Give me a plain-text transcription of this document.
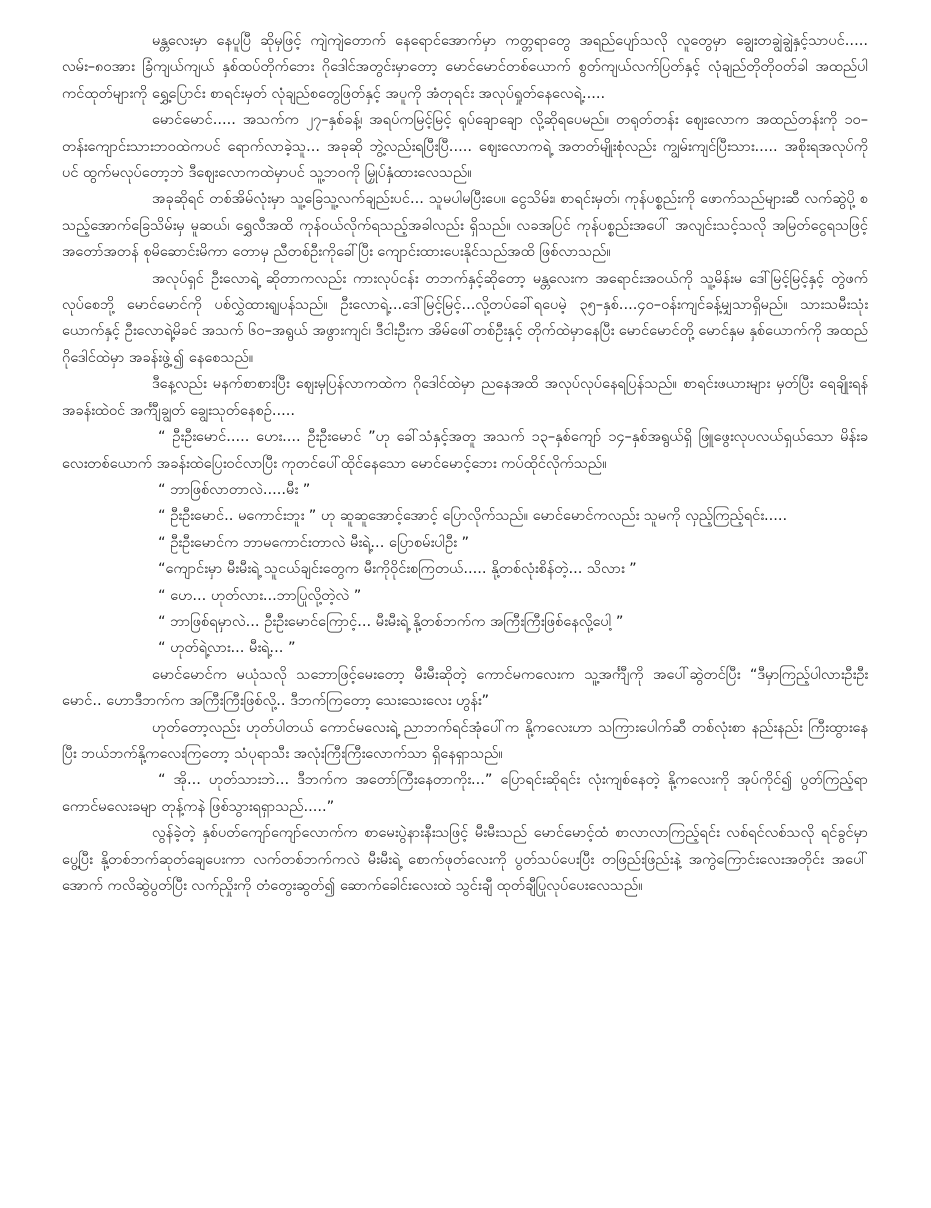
မန္တလေးမှာ နေပူပြီ ဆိုမှဖြင့် ကျဲကျဲတောက် နေရောင်အောက်မှာ ကတ္တရာတွေ အရည်ပျော်သလို လူတွေမှာ ချွေးတချွဲချွဲနှင့်သာပင်..... လမ်း–၈၀အား ခြံကျယ်ကျယ် နှစ်ထပ်တိုက်ဘေး ဂိုဒေါင်အတွင်းမှာတော့ မောင်မောင်တစ်ယောက် စွတ်ကျယ်လက်ပြတ်နှင့် လုံချည်တိုတိုဝတ်ခါ အထည်ပါကင်ထုတ်များကို ရွှေ့ပြောင်း စာရင်းမှတ် လုံချည်စတွေဖြတ်နှင့် အပူကို အံတုရင်း အလုပ်ရှုတ်နေလေရဲ့.....

မောင်မောင်..... အသက်က ၂၇–နှစ်ခန့်၊ အရပ်ကမြင့်မြင့် ရုပ်ချောချော လို့ဆိုရပေမည်။ တရုတ်တန်း ဈေးလောက အထည်တန်းကို ၁၀–တန်းကျောင်းသားဘဝထဲကပင် ရောက်လာခဲ့သူ... အခုဆို ဘွဲ့လည်းရပြီးပြီ..... ဈေးလောကရဲ့ အတတ်မျိုးစုံလည်း ကျွမ်းကျင်ပြီးသား..... အစိုးရအလုပ်ကိုပင် ထွက်မလုပ်တော့ဘဲ ဒီဈေးလောကထဲမှာပင် သူ့ဘဝကို မြှုပ်နှံထားလေသည်။

အခုဆိုရင် တစ်အိမ်လုံးမှာ သူ့ခြေသူ့လက်ချည်းပင်... သူမပါမပြီးပေ။ ငွေသိမ်း၊ စာရင်းမှတ်၊ ကုန်ပစ္စည်းကို ဖောက်သည်များဆီ လက်ဆွဲပို့ စသည့်အောက်ခြေသိမ်းမှ မူဆယ်၊ ရွှေလီအထိ ကုန်ဝယ်လိုက်ရသည့်အခါလည်း ရှိသည်။ လခအပြင် ကုန်ပစ္စည်းအပေါ် အလျင်းသင့်သလို အမြတ်ငွေရသဖြင့် အတော်အတန် စုမိဆောင်းမိကာ တောမှ ညီတစ်ဦးကိုခေါ်ပြီး ကျောင်းထားပေးနိုင်သည်အထိ ဖြစ်လာသည်။

အလုပ်ရှင် ဦးလောရဲ့ ဆိုတာကလည်း ကားလုပ်ငန်း တဘက်နှင့်ဆိုတော့ မန္တလေးက အရောင်းအဝယ်ကို သူ့မိန်းမ ဒေါ်မြင့်မြင့်နှင့် တွဲဖက်လုပ်စေဘို့ မောင်မောင်ကို ပစ်လွှဲထားရျပန်သည်။ ဦးလောရဲ့...ဒေါ်မြင့်မြင့်...လို့တပ်ခေါ်ရပေမဲ့ ၃၅–နှစ်....၄၀–ဝန်းကျင်ခန့်မျှသာရှိမည်။ သားသမီးသုံးယောက်နှင့် ဦးလောရဲ့မိခင် အသက် ၆၀–အရွယ် အဖွားကျင်၊ ဒီငါးဦးက အိမ်ဖေါ်တစ်ဦးနှင့် တိုက်ထဲမှာနေပြီး မောင်မောင်တို့ မောင်နှမ နှစ်ယောက်ကို အထည်ဂိုဒေါင်ထဲမှာ အခန်းဖွဲ့၍ နေစေသည်။

ဒီနေ့လည်း မနက်စာစားပြီး ဈေးမှပြန်လာကထဲက ဂိုဒေါင်ထဲမှာ ညနေအထိ အလုပ်လုပ်နေရပြန်သည်။ စာရင်းဖယားများ မှတ်ပြီး ရေချိုးရန် အခန်းထဲဝင် အင်္ကျီချွတ် ချွေးသုတ်နေစဉ်.....

“ ဦးဦးမောင်..... ဟေး.... ဦးဦးမောင် ”ဟု ခေါ်သံနှင့်အတူ အသက် ၁၃–နှစ်ကျော် ၁၄–နှစ်အရွယ်ရှိ ဖြူဖွေးလုပလယ်ရှယ်သော မိန်းခလေးတစ်ယောက် အခန်းထဲပြေးဝင်လာပြီး ကုတင်ပေါ်ထိုင်နေသော မောင်မောင့်ဘေး ကပ်ထိုင်လိုက်သည်။

“ ဘာဖြစ်လာတာလဲ.....မီး ”

“ ဦးဦးမောင်.. မကောင်းဘူး ” ဟု ဆူဆူအောင့်အောင့် ပြောလိုက်သည်။ မောင်မောင်ကလည်း သူမကို လှည့်ကြည့်ရင်း.....

“ ဦးဦးမောင်က ဘာမကောင်းတာလဲ မီးရဲ့... ပြောစမ်းပါဦး ”

“ကျောင်းမှာ မီးမီးရဲ့ သူငယ်ချင်းတွေက မီးကိုဝိုင်းစကြတယ်..... နို့တစ်လုံးစိန်တဲ့... သိလား ”

“ ဟေ... ဟုတ်လား...ဘာပြုလို့တဲ့လဲ ”

“ ဘာဖြစ်ရမှာလဲ... ဦးဦးမောင်ကြောင့်... မီးမီးရဲ့ နို့တစ်ဘက်က အကြီးကြီးဖြစ်နေလို့ပေါ့ ”

“ ဟုတ်ရဲ့လား... မီးရဲ့... ”

မောင်မောင်က မယုံသလို သဘောဖြင့်မေးတော့ မီးမီးဆိုတဲ့ ကောင်မကလေးက သူ့အင်္ကျီကို အပေါ်ဆွဲတင်ပြီး “ဒီမှာကြည့်ပါလားဦးဦးမောင်.. ဟောဒီဘက်က အကြီးကြီးဖြစ်လို့.. ဒီဘက်ကြတော့ သေးသေးလေး ဟွန်း”

ဟုတ်တော့လည်း ဟုတ်ပါတယ် ကောင်မလေးရဲ့ ညာဘက်ရင်အုံပေါ်က နို့ကလေးဟာ သကြားပေါက်ဆီ တစ်လုံးစာ နည်းနည်း ကြီးထွားနေပြီး ဘယ်ဘက်နို့ကလေးကြတော့ သံပုရာသီး အလုံးကြီးကြီးလောက်သာ ရှိနေရှာသည်။

“ အို... ဟုတ်သားဘဲ... ဒီဘက်က အတော်ကြီးနေတာကိုး...” ပြောရင်းဆိုရင်း လုံးကျစ်နေတဲ့ နို့ကလေးကို အုပ်ကိုင်၍ ပွတ်ကြည့်ရာ ကောင်မလေးခမျာ တုန့်ကနဲ ဖြစ်သွားရရှာသည်.....”

လွန်ခဲ့တဲ့ နှစ်ပတ်ကျော်ကျော်လောက်က စာမေးပွဲနားနီးသဖြင့် မီးမီးသည် မောင်မောင့်ထံ စာလာလာကြည့်ရင်း လစ်ရင်လစ်သလို ရင်ခွင်မှာပွေ့ပြီး နို့တစ်ဘက်ဆုတ်ချေပေးကာ လက်တစ်ဘက်ကလဲ မီးမီးရဲ့ စောက်ဖုတ်လေးကို ပွတ်သပ်ပေးပြီး တဖြည်းဖြည်းနဲ့ အကွဲကြောင်းလေးအတိုင်း အပေါ်အောက် ကလိဆွဲပွတ်ပြီး လက်ညှိုးကို တံတွေးဆွတ်၍ ဆောက်ခေါင်းလေးထဲ သွင်းချီ ထုတ်ချီပြုလုပ်ပေးလေသည်။
